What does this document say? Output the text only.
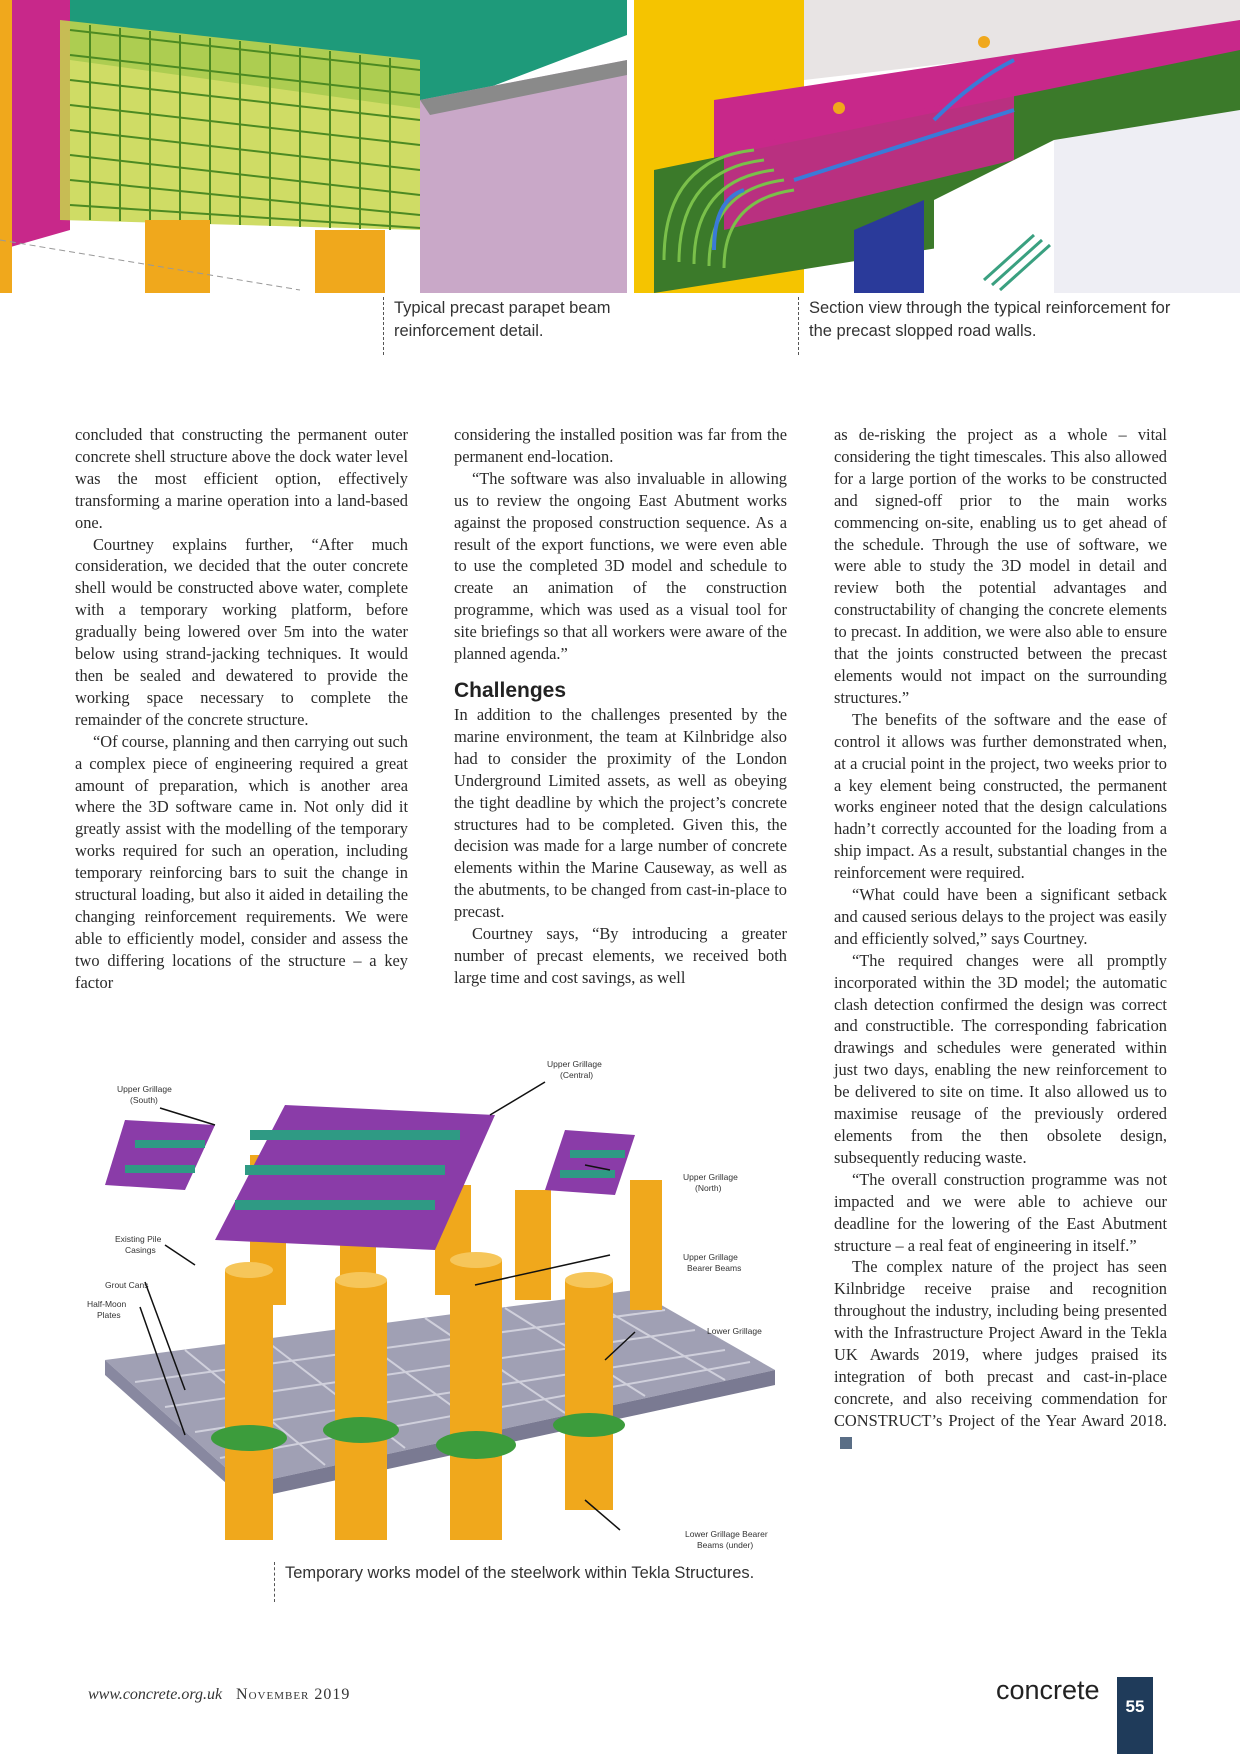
Typical precast parapet beam reinforcement detail.
Section view through the typical reinforcement for the precast slopped road walls.

concluded that constructing the permanent outer concrete shell structure above the dock water level was the most efficient option, effectively transforming a marine operation into a land-based one.

Courtney explains further, “After much consideration, we decided that the outer concrete shell would be constructed above water, complete with a temporary working platform, before gradually being lowered over 5m into the water below using strand-jacking techniques. It would then be sealed and dewatered to provide the working space necessary to complete the remainder of the concrete structure.

“Of course, planning and then carrying out such a complex piece of engineering required a great amount of preparation, which is another area where the 3D software came in. Not only did it greatly assist with the modelling of the temporary works required for such an operation, including temporary reinforcing bars to suit the change in structural loading, but also it aided in detailing the changing reinforcement requirements. We were able to efficiently model, consider and assess the two differing locations of the structure – a key factor

considering the installed position was far from the permanent end-location.

“The software was also invaluable in allowing us to review the ongoing East Abutment works against the proposed construction sequence. As a result of the export functions, we were even able to use the completed 3D model and schedule to create an animation of the construction programme, which was used as a visual tool for site briefings so that all workers were aware of the planned agenda.”

Challenges

In addition to the challenges presented by the marine environment, the team at Kilnbridge also had to consider the proximity of the London Underground Limited assets, as well as obeying the tight deadline by which the project’s concrete structures had to be completed. Given this, the decision was made for a large number of concrete elements within the Marine Causeway, as well as the abutments, to be changed from cast-in-place to precast.

Courtney says, “By introducing a greater number of precast elements, we received both large time and cost savings, as well

as de-risking the project as a whole – vital considering the tight timescales. This also allowed for a large portion of the works to be constructed and signed-off prior to the main works commencing on-site, enabling us to get ahead of the schedule. Through the use of software, we were able to study the 3D model in detail and review both the potential advantages and constructability of changing the concrete elements to precast. In addition, we were also able to ensure that the joints constructed between the precast elements would not impact on the surrounding structures.”

The benefits of the software and the ease of control it allows was further demonstrated when, at a crucial point in the project, two weeks prior to a key element being constructed, the permanent works engineer noted that the design calculations hadn’t correctly accounted for the loading from a ship impact. As a result, substantial changes in the reinforcement were required.

“What could have been a significant setback and caused serious delays to the project was easily and efficiently solved,” says Courtney.

“The required changes were all promptly incorporated within the 3D model; the automatic clash detection confirmed the design was correct and constructible. The corresponding fabrication drawings and schedules were generated within just two days, enabling the new reinforcement to be delivered to site on time. It also allowed us to maximise reusage of the previously ordered elements from the then obsolete design, subsequently reducing waste.

“The overall construction programme was not impacted and we were able to achieve our deadline for the lowering of the East Abutment structure – a real feat of engineering in itself.”

The complex nature of the project has seen Kilnbridge receive praise and recognition throughout the industry, including being presented with the Infrastructure Project Award in the Tekla UK Awards 2019, where judges praised its integration of both precast and cast-in-place concrete, and also receiving commendation for CONSTRUCT’s Project of the Year Award 2018.

Upper Grillage
(South)
Upper Grillage
(Central)
Upper Grillage
(North)
Existing Pile
Casings
Grout Cans
Half-Moon
Plates
Upper Grillage
Bearer Beams
Lower Grillage
Lower Grillage Bearer
Beams (under)
Temporary works model of the steelwork within Tekla Structures.
www.concrete.org.uk November 2019	concrete
55
